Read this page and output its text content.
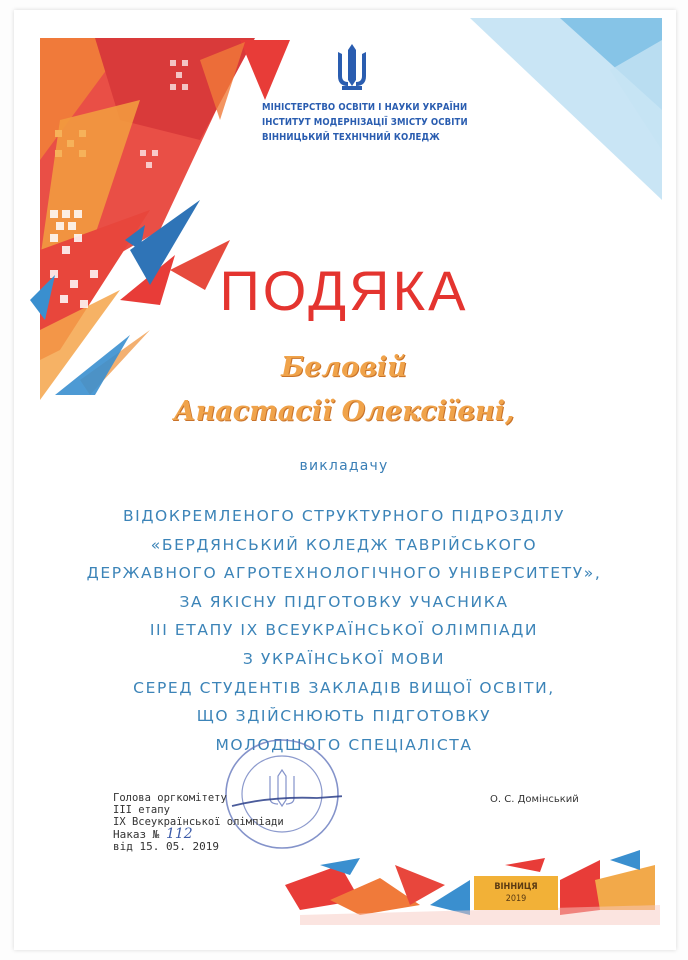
МІНІСТЕРСТВО ОСВІТИ І НАУКИ УКРАЇНИ
ІНСТИТУТ МОДЕРНІЗАЦІЇ ЗМІСТУ ОСВІТИ
ВІННИЦЬКИЙ ТЕХНІЧНИЙ КОЛЕДЖ
ПОДЯКА
Беловій
Анастасії Олексіївні,
викладачу
ВІДОКРЕМЛЕНОГО СТРУКТУРНОГО ПІДРОЗДІЛУ
«БЕРДЯНСЬКИЙ КОЛЕДЖ ТАВРІЙСЬКОГО
ДЕРЖАВНОГО АГРОТЕХНОЛОГІЧНОГО УНІВЕРСИТЕТУ»,
ЗА ЯКІСНУ ПІДГОТОВКУ УЧАСНИКА
ІІІ ЕТАПУ ІХ ВСЕУКРАЇНСЬКОЇ ОЛІМПІАДИ
З УКРАЇНСЬКОЇ МОВИ
СЕРЕД СТУДЕНТІВ ЗАКЛАДІВ ВИЩОЇ ОСВІТИ,
ЩО ЗДІЙСНЮЮТЬ ПІДГОТОВКУ
МОЛОДШОГО СПЕЦІАЛІСТА
Голова оргкомітету
ІІІ етапу
ІХ Всеукраїнської олімпіади
О. С. Домінський
Наказ № 112
від 15. 05. 2019
ВІННИЦЯ
2019
